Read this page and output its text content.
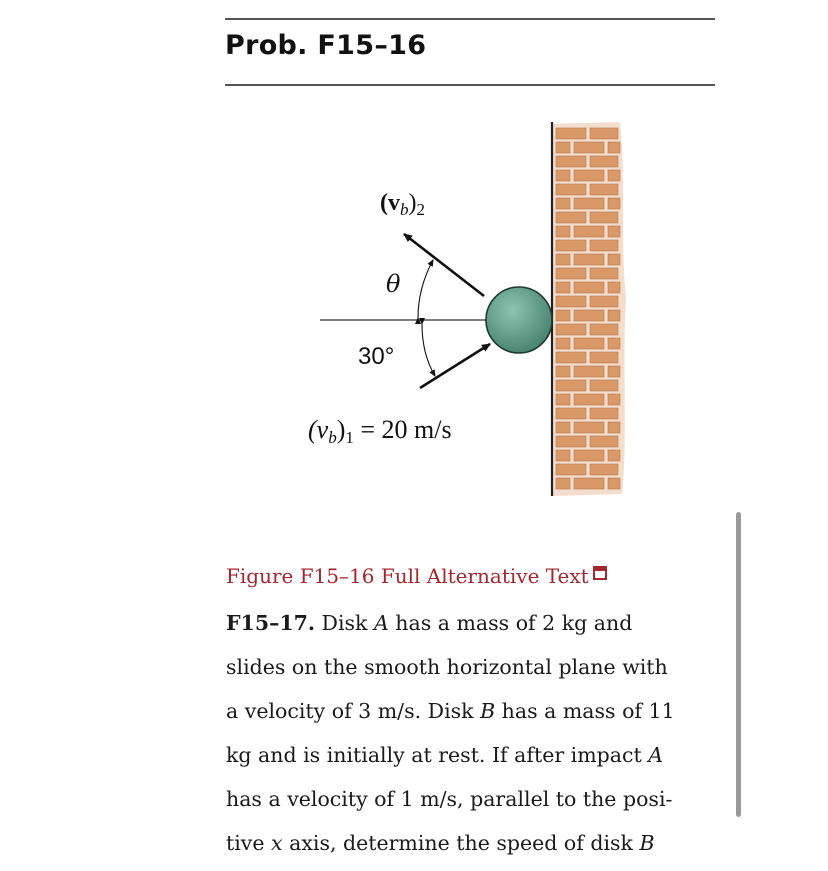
Prob. F15–16
$(v_b)_2$
θ
30°
(vb)1 = 20 m/s
Figure F15–16 Full Alternative Text
F15–17. Disk A has a mass of 2 kg and
slides on the smooth horizontal plane with
a velocity of 3 m/s. Disk B has a mass of 11
kg and is initially at rest. If after impact A
has a velocity of 1 m/s, parallel to the posi-
tive x axis, determine the speed of disk B
